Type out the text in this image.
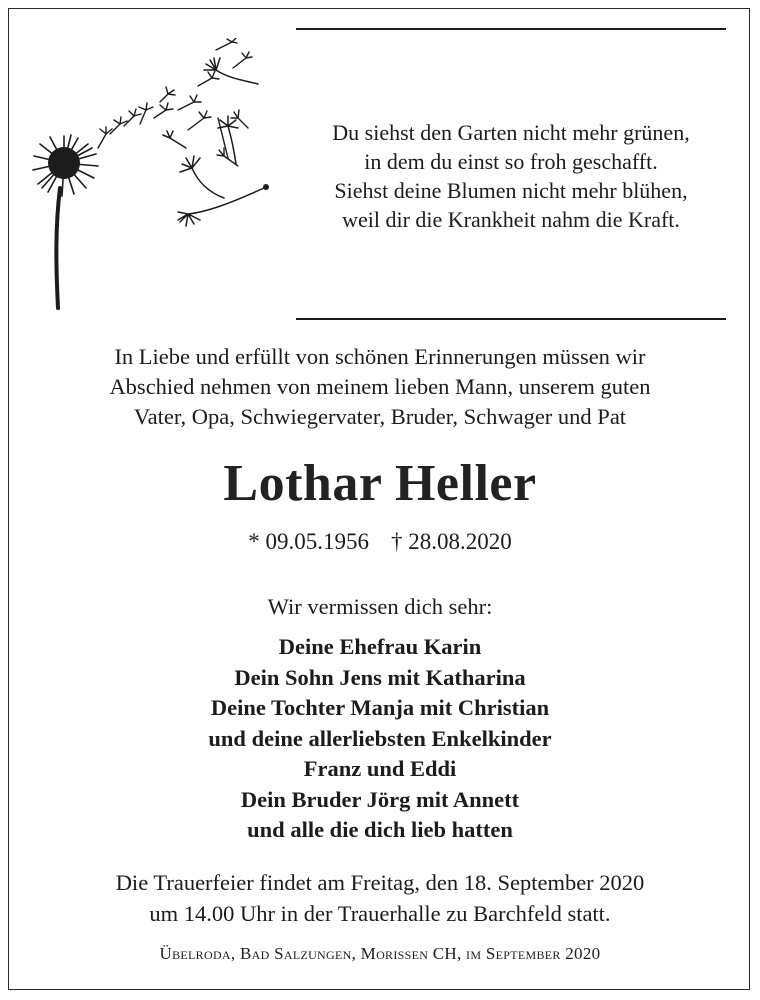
Du siehst den Garten nicht mehr grünen,
in dem du einst so froh geschafft.
Siehst deine Blumen nicht mehr blühen,
weil dir die Krankheit nahm die Kraft.
In Liebe und erfüllt von schönen Erinnerungen müssen wir
Abschied nehmen von meinem lieben Mann, unserem guten
Vater, Opa, Schwiegervater, Bruder, Schwager und Pat
Lothar Heller
* 09.05.1956 † 28.08.2020
Wir vermissen dich sehr:
Deine Ehefrau Karin
Dein Sohn Jens mit Katharina
Deine Tochter Manja mit Christian
und deine allerliebsten Enkelkinder
Franz und Eddi
Dein Bruder Jörg mit Annett
und alle die dich lieb hatten
Die Trauerfeier findet am Freitag, den 18. September 2020
um 14.00 Uhr in der Trauerhalle zu Barchfeld statt.
Übelroda, Bad Salzungen, Morissen CH, im September 2020
